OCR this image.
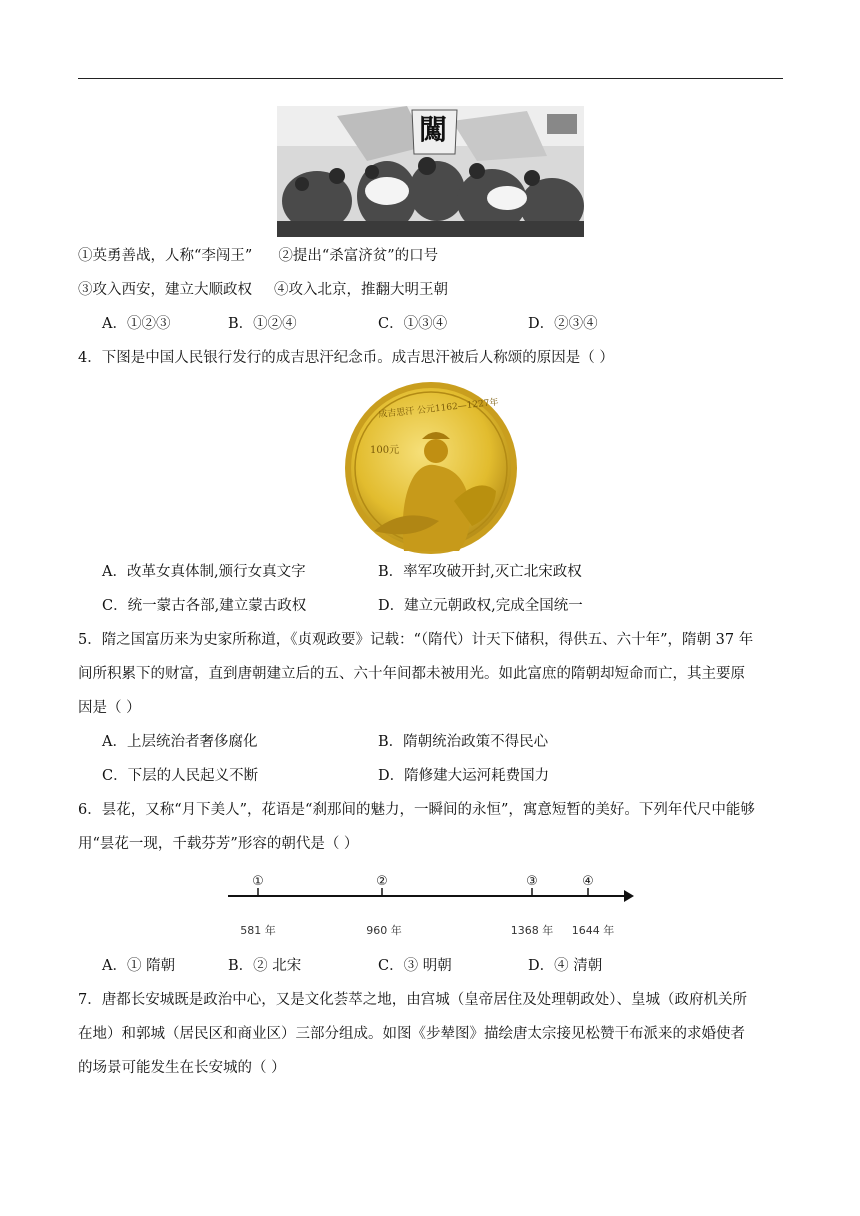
闖
①英勇善战，人称“李闯王” ②提出“杀富济贫”的口号
③攻入西安，建立大顺政权 ④攻入北京，推翻大明王朝
A．①②③	B．①②④	C．①③④	D．②③④
4．下图是中国人民银行发行的成吉思汗纪念币。成吉思汗被后人称颂的原因是（ ）
成吉思汗 公元1162—1227年
100元
A．改革女真体制,颁行女真文字	B．率军攻破开封,灭亡北宋政权
C．统一蒙古各部,建立蒙古政权	D．建立元朝政权,完成全国统一
5．隋之国富历来为史家所称道，《贞观政要》记载：“（隋代）计天下储积，得供五、六十年”，隋朝 37 年
间所积累下的财富，直到唐朝建立后的五、六十年间都未被用光。如此富庶的隋朝却短命而亡，其主要原
因是（ ）
A．上层统治者奢侈腐化	B．隋朝统治政策不得民心
C．下层的人民起义不断	D．隋修建大运河耗费国力
6．昙花，又称“月下美人”，花语是“刹那间的魅力，一瞬间的永恒”，寓意短暂的美好。下列年代尺中能够
用“昙花一现，千载芬芳”形容的朝代是（ ）
①	②	③	④
581 年	960 年	1368 年 1644 年
A．① 隋朝	B．② 北宋	C．③ 明朝	D．④ 清朝
7．唐都长安城既是政治中心，又是文化荟萃之地，由宫城（皇帝居住及处理朝政处）、皇城（政府机关所
在地）和郭城（居民区和商业区）三部分组成。如图《步辇图》描绘唐太宗接见松赞干布派来的求婚使者
的场景可能发生在长安城的（ ）
